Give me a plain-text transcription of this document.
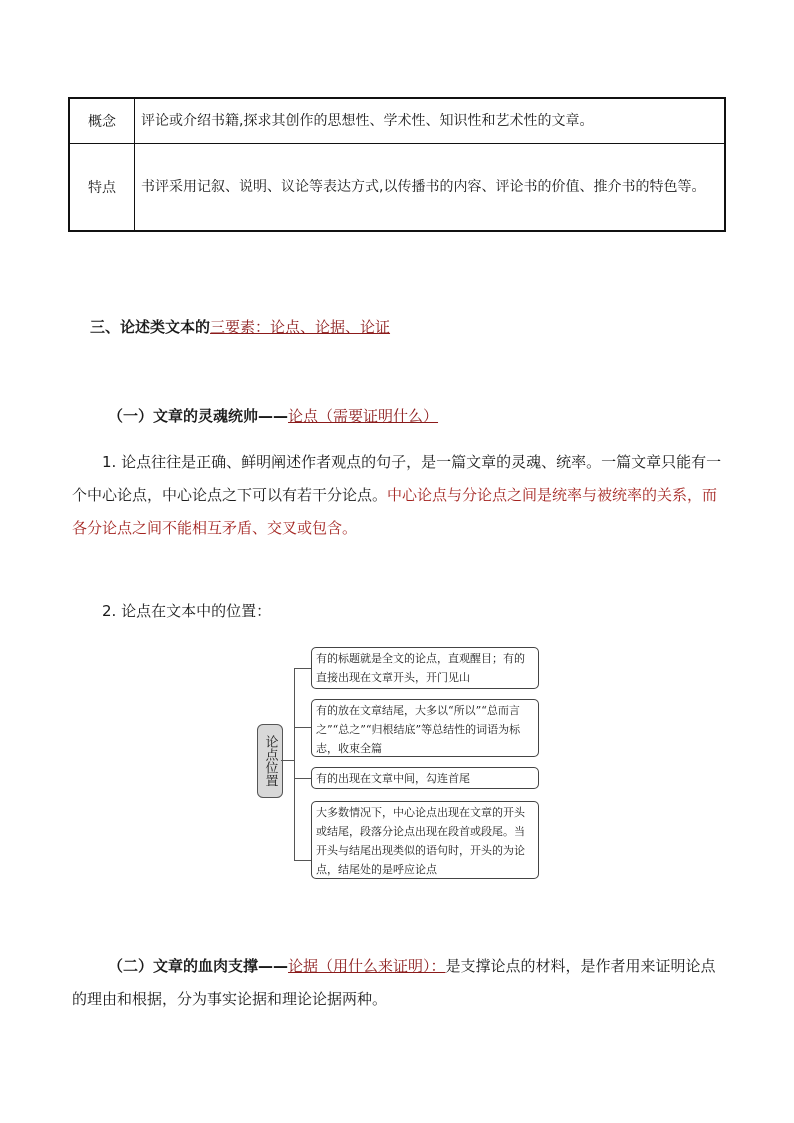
概念	评论或介绍书籍,探求其创作的思想性、学术性、知识性和艺术性的文章。
特点	书评采用记叙、说明、议论等表达方式,以传播书的内容、评论书的价值、推介书的特色等。
三、论述类文本的三要素：论点、论据、论证
（一）文章的灵魂统帅——论点（需要证明什么）
1. 论点往往是正确、鲜明阐述作者观点的句子，是一篇文章的灵魂、统率。一篇文章只能有一个中心论点，中心论点之下可以有若干分论点。中心论点与分论点之间是统率与被统率的关系，而各分论点之间不能相互矛盾、交叉或包含。
2. 论点在文本中的位置：
论点位置
有的标题就是全文的论点，直观醒目；有的直接出现在文章开头，开门见山
有的放在文章结尾，大多以“所以”“总而言之”“总之”“归根结底”等总结性的词语为标志，收束全篇
有的出现在文章中间，勾连首尾
大多数情况下，中心论点出现在文章的开头或结尾，段落分论点出现在段首或段尾。当开头与结尾出现类似的语句时，开头的为论点，结尾处的是呼应论点
（二）文章的血肉支撑——论据（用什么来证明）：是支撑论点的材料，是作者用来证明论点的理由和根据，分为事实论据和理论论据两种。
